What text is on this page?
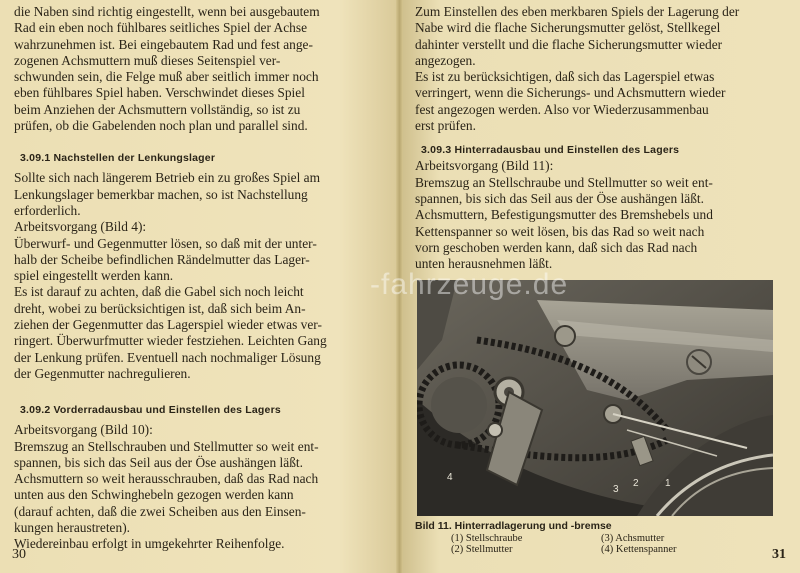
die Naben sind richtig eingestellt, wenn bei ausgebautem

Rad ein eben noch fühlbares seitliches Spiel der Achse

wahrzunehmen ist. Bei eingebautem Rad und fest ange-

zogenen Achsmuttern muß dieses Seitenspiel ver-

schwunden sein, die Felge muß aber seitlich immer noch

eben fühlbares Spiel haben. Verschwindet dieses Spiel

beim Anziehen der Achsmuttern vollständig, so ist zu

prüfen, ob die Gabelenden noch plan und parallel sind.

3.09.1 Nachstellen der Lenkungslager

Sollte sich nach längerem Betrieb ein zu großes Spiel am

Lenkungslager bemerkbar machen, so ist Nachstellung

erforderlich.

Arbeitsvorgang (Bild 4):

Überwurf- und Gegenmutter lösen, so daß mit der unter-

halb der Scheibe befindlichen Rändelmutter das Lager-

spiel eingestellt werden kann.

Es ist darauf zu achten, daß die Gabel sich noch leicht

dreht, wobei zu berücksichtigen ist, daß sich beim An-

ziehen der Gegenmutter das Lagerspiel wieder etwas ver-

ringert. Überwurfmutter wieder festziehen. Leichten Gang

der Lenkung prüfen. Eventuell nach nochmaliger Lösung

der Gegenmutter nachregulieren.

3.09.2 Vorderradausbau und Einstellen des Lagers

Arbeitsvorgang (Bild 10):

Bremszug an Stellschrauben und Stellmutter so weit ent-

spannen, bis sich das Seil aus der Öse aushängen läßt.

Achsmuttern so weit herausschrauben, daß das Rad nach

unten aus den Schwinghebeln gezogen werden kann

(darauf achten, daß die zwei Scheiben aus den Einsen-

kungen heraustreten).

Wiedereinbau erfolgt in umgekehrter Reihenfolge.

30

Zum Einstellen des eben merkbaren Spiels der Lagerung der

Nabe wird die flache Sicherungsmutter gelöst, Stellkegel

dahinter verstellt und die flache Sicherungsmutter wieder

angezogen.

Es ist zu berücksichtigen, daß sich das Lagerspiel etwas

verringert, wenn die Sicherungs- und Achsmuttern wieder

fest angezogen werden. Also vor Wiederzusammenbau

erst prüfen.

3.09.3 Hinterradausbau und Einstellen des Lagers

Arbeitsvorgang (Bild 11):

Bremszug an Stellschraube und Stellmutter so weit ent-

spannen, bis sich das Seil aus der Öse aushängen läßt.

Achsmuttern, Befestigungsmutter des Bremshebels und

Kettenspanner so weit lösen, bis das Rad so weit nach

vorn geschoben werden kann, daß sich das Rad nach

unten herausnehmen läßt.

4
3
2	1
Bild 11. Hinterradlagerung und -bremse
(1) Stellschraube	(3) Achsmutter
(2) Stellmutter	(4) Kettenspanner	31
-fahrzeuge.de
